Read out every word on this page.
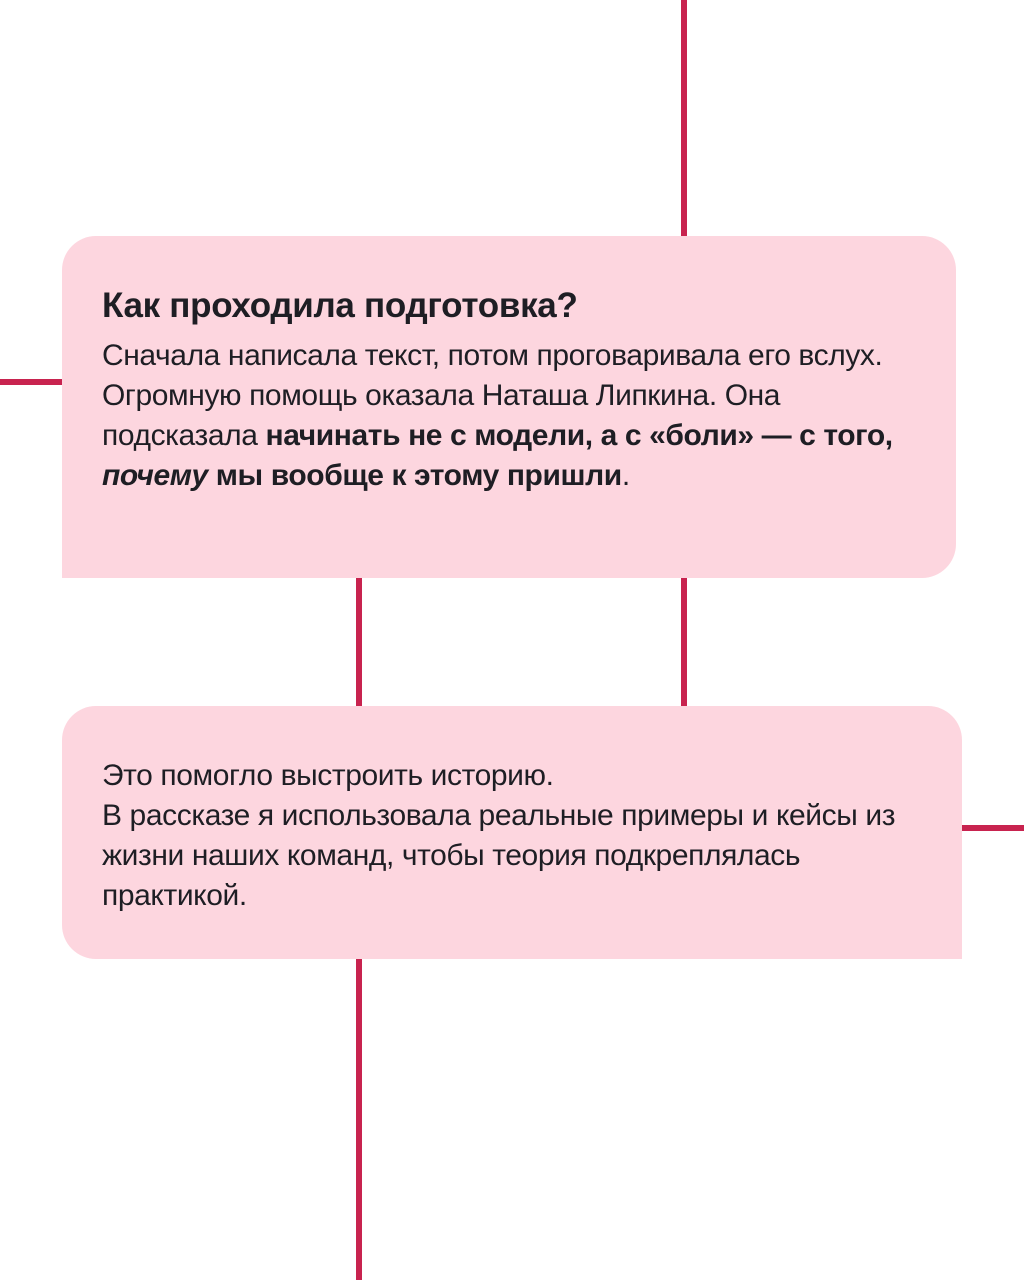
Как проходила подготовка?

Сначала написала текст, потом проговаривала его вслух. Огромную помощь оказала Наташа Липкина. Она подсказала начинать не с модели, а с «боли» — с того, почему мы вообще к этому пришли.

Это помогло выстроить историю.
В рассказе я использовала реальные примеры и кейсы из жизни наших команд, чтобы теория подкреплялась практикой.
